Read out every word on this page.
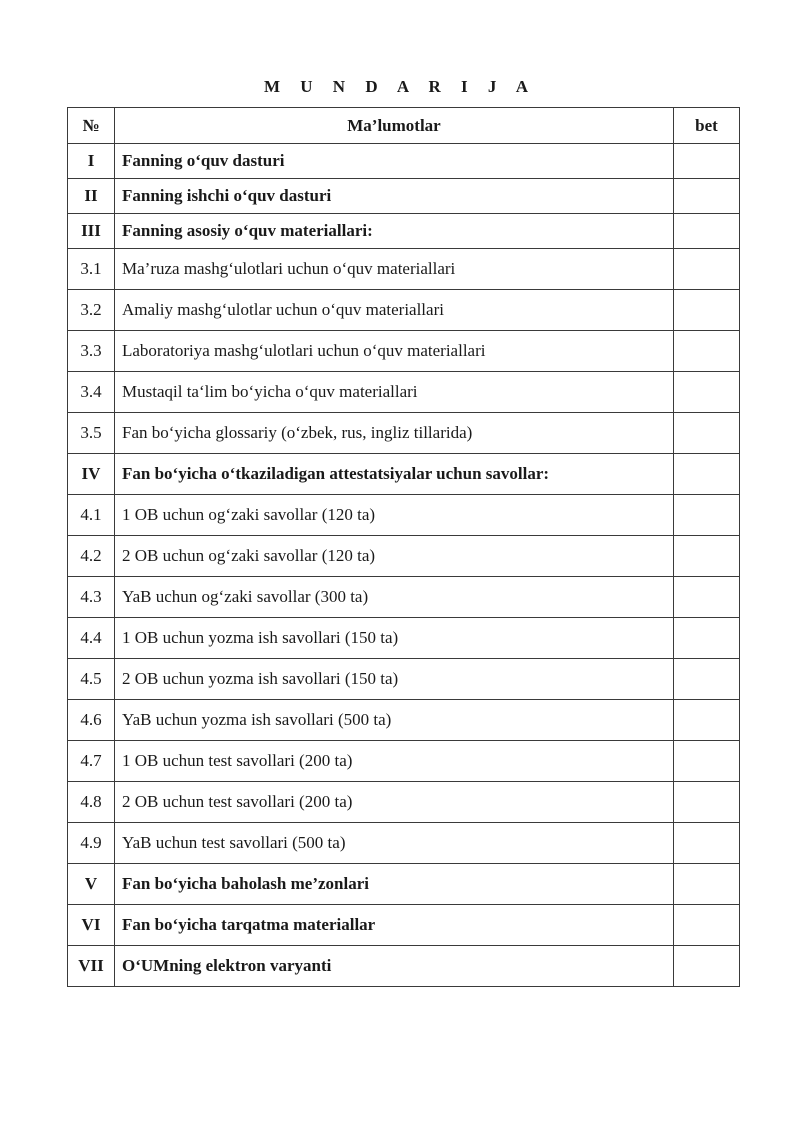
M U N D A R I J A
№	Ma’lumotlar	bet
I	Fanning o‘quv dasturi	
II	Fanning ishchi o‘quv dasturi	
III	Fanning asosiy o‘quv materiallari:	
3.1	Ma’ruza mashg‘ulotlari uchun o‘quv materiallari	
3.2	Amaliy mashg‘ulotlar uchun o‘quv materiallari	
3.3	Laboratoriya mashg‘ulotlari uchun o‘quv materiallari	
3.4	Mustaqil ta‘lim bo‘yicha o‘quv materiallari	
3.5	Fan bo‘yicha glossariy (o‘zbek, rus, ingliz tillarida)	
IV	Fan bo‘yicha o‘tkaziladigan attestatsiyalar uchun savollar:	
4.1	1 OB uchun og‘zaki savollar (120 ta)	
4.2	2 OB uchun og‘zaki savollar (120 ta)	
4.3	YaB uchun og‘zaki savollar (300 ta)	
4.4	1 OB uchun yozma ish savollari (150 ta)	
4.5	2 OB uchun yozma ish savollari (150 ta)	
4.6	YaB uchun yozma ish savollari (500 ta)	
4.7	1 OB uchun test savollari (200 ta)	
4.8	2 OB uchun test savollari (200 ta)	
4.9	YaB uchun test savollari (500 ta)	
V	Fan bo‘yicha baholash me’zonlari	
VI	Fan bo‘yicha tarqatma materiallar	
VII	O‘UMning elektron varyanti	
